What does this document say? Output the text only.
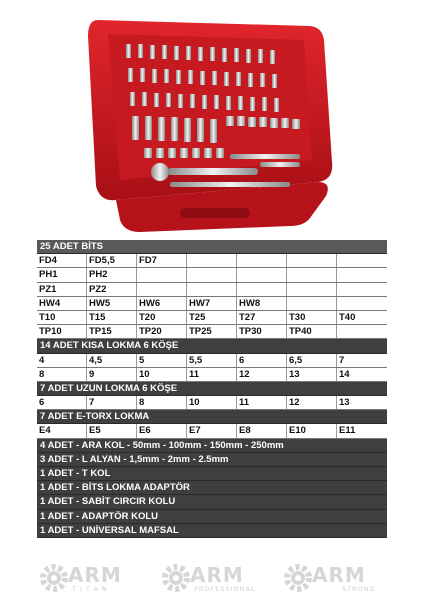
25 ADET BİTS
FD4	FD5,5	FD7
PH1	PH2
PZ1	PZ2
HW4	HW5	HW6	HW7	HW8
T10	T15	T20	T25	T27	T30	T40
TP10	TP15	TP20	TP25	TP30	TP40
14 ADET KISA LOKMA 6 KÖŞE
4	4,5	5	5,5	6	6,5	7
8	9	10	11	12	13	14
7 ADET UZUN LOKMA 6 KÖŞE
6	7	8	10	11	12	13
7 ADET E-TORX LOKMA
E4	E5	E6	E7	E8	E10	E11
4 ADET - ARA KOL - 50mm - 100mm - 150mm - 250mm
3 ADET - L ALYAN - 1,5mm - 2mm - 2.5mm
1 ADET - T KOL
1 ADET - BİTS LOKMA ADAPTÖR
1 ADET - SABİT CIRCIR KOLU
1 ADET - ADAPTÖR KOLU
1 ADET - UNİVERSAL MAFSAL
ARM
TITAN
ARM
PROFESSIONAL
ARM
STRONG
